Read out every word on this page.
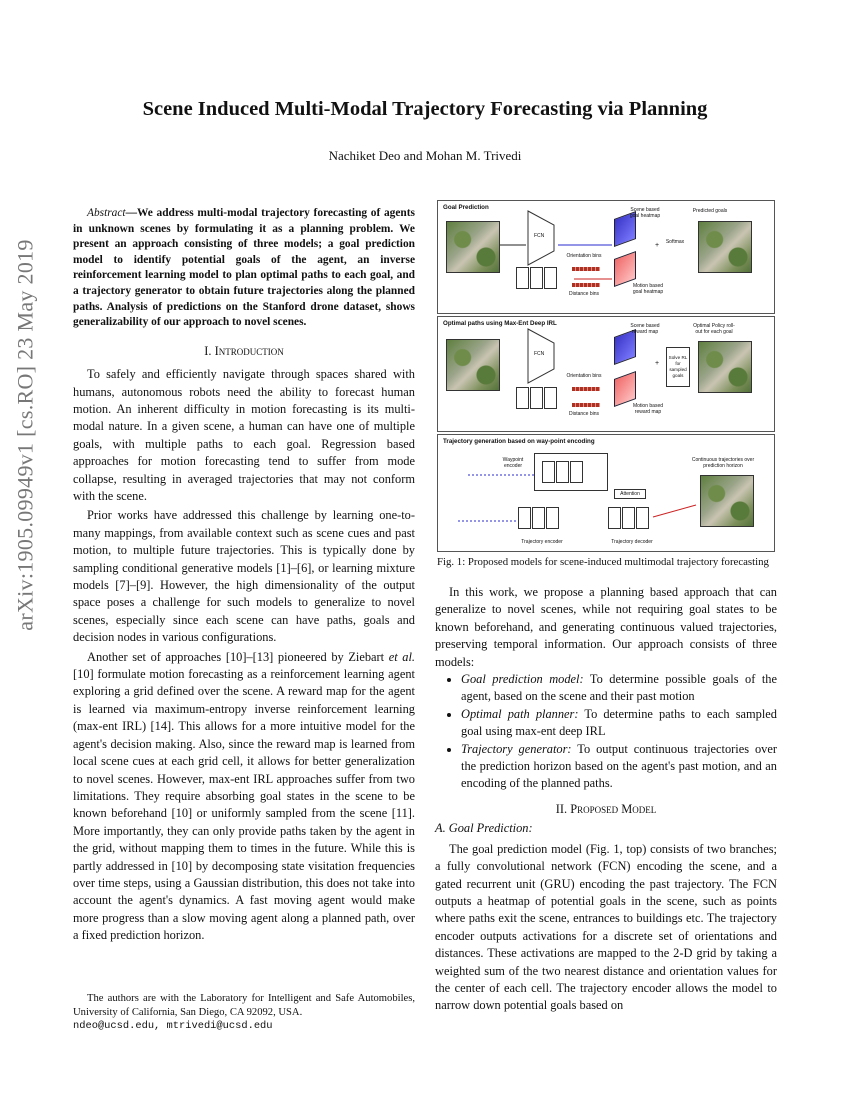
Scene Induced Multi-Modal Trajectory Forecasting via Planning
Nachiket Deo and Mohan M. Trivedi
arXiv:1905.09949v1 [cs.RO] 23 May 2019

Abstract—We address multi-modal trajectory forecasting of agents in unknown scenes by formulating it as a planning problem. We present an approach consisting of three models; a goal prediction model to identify potential goals of the agent, an inverse reinforcement learning model to plan optimal paths to each goal, and a trajectory generator to obtain future trajectories along the planned paths. Analysis of predictions on the Stanford drone dataset, shows generalizability of our approach to novel scenes.

I. Introduction

To safely and efficiently navigate through spaces shared with humans, autonomous robots need the ability to forecast human motion. An inherent difficulty in motion forecasting is its multi-modal nature. In a given scene, a human can have one of multiple goals, with multiple paths to each goal. Regression based approaches for motion forecasting tend to suffer from mode collapse, resulting in averaged trajectories that may not conform with the scene.

Prior works have addressed this challenge by learning one-to-many mappings, from available context such as scene cues and past motion, to multiple future trajectories. This is typically done by sampling conditional generative models [1]–[6], or learning mixture models [7]–[9]. However, the high dimensionality of the output space poses a challenge for such models to generalize to novel scenes, especially since each scene can have paths, goals and decision nodes in various configurations.

Another set of approaches [10]–[13] pioneered by Ziebart et al. [10] formulate motion forecasting as a reinforcement learning agent exploring a grid defined over the scene. A reward map for the agent is learned via maximum-entropy inverse reinforcement learning (max-ent IRL) [14]. This allows for a more intuitive model for the agent's decision making. Also, since the reward map is learned from local scene cues at each grid cell, it allows for better generalization to novel scenes. However, max-ent IRL approaches suffer from two limitations. They require absorbing goal states in the scene to be known beforehand [10] or uniformly sampled from the scene [11]. More importantly, they can only provide paths taken by the agent in the grid, without mapping them to times in the future. While this is partly addressed in [10] by decomposing state visitation frequencies over time steps, using a Gaussian distribution, this does not take into account the agent's dynamics. A fast moving agent would make more progress than a slow moving agent along a planned path, over a fixed prediction horizon.

The authors are with the Laboratory for Intelligent and Safe Automobiles, University of California, San Diego, CA 92092, USA.
ndeo@ucsd.edu, mtrivedi@ucsd.edu
Goal Prediction
FCN
Scene based goal heatmap
Motion based goal heatmap
+	Softmax
Predicted goals
Orientation bins
Distance bins
Optimal paths using Max-Ent Deep IRL
FCN
Scene based reward map
Motion based reward map
+
Solve RL for sampled goals
Optimal Policy roll-out for each goal
Orientation bins
Distance bins
Trajectory generation based on way-point encoding
Waypoint encoder
Attention
Trajectory encoder	Trajectory decoder
Continuous trajectories over prediction horizon
Fig. 1: Proposed models for scene-induced multimodal trajectory forecasting

In this work, we propose a planning based approach that can generalize to novel scenes, while not requiring goal states to be known beforehand, and generating continuous valued trajectories, preserving temporal information. Our approach consists of three models:

• Goal prediction model: To determine possible goals of the agent, based on the scene and their past motion
• Optimal path planner: To determine paths to each sampled goal using max-ent deep IRL
• Trajectory generator: To output continuous trajectories over the prediction horizon based on the agent's past motion, and an encoding of the planned paths.

II. Proposed Model

A. Goal Prediction:

The goal prediction model (Fig. 1, top) consists of two branches; a fully convolutional network (FCN) encoding the scene, and a gated recurrent unit (GRU) encoding the past trajectory. The FCN outputs a heatmap of potential goals in the scene, such as points where paths exit the scene, entrances to buildings etc. The trajectory encoder outputs activations for a discrete set of orientations and distances. These activations are mapped to the 2-D grid by taking a weighted sum of the two nearest distance and orientation values for the center of each cell. The trajectory encoder allows the model to narrow down potential goals based on
